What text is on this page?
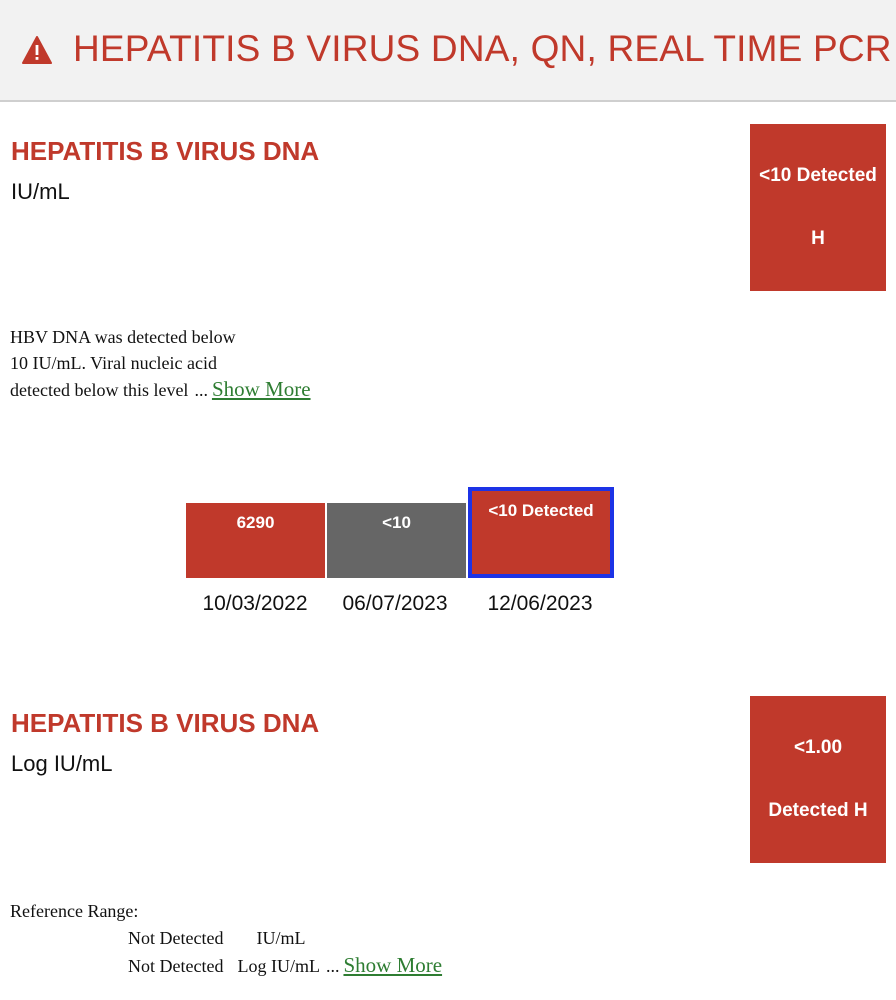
HEPATITIS B VIRUS DNA, QN, REAL TIME PCR
HEPATITIS B VIRUS DNA
IU/mL
<10 Detected
H
HBV DNA was detected below
10 IU/mL. Viral nucleic acid
detected below this level ... Show More
6290	<10
<10 Detected
10/03/2022	06/07/2023	12/06/2023
HEPATITIS B VIRUS DNA
Log IU/mL
<1.00
Detected H
Reference Range:
Not Detected IU/mL
Not Detected Log IU/mL ... Show More
